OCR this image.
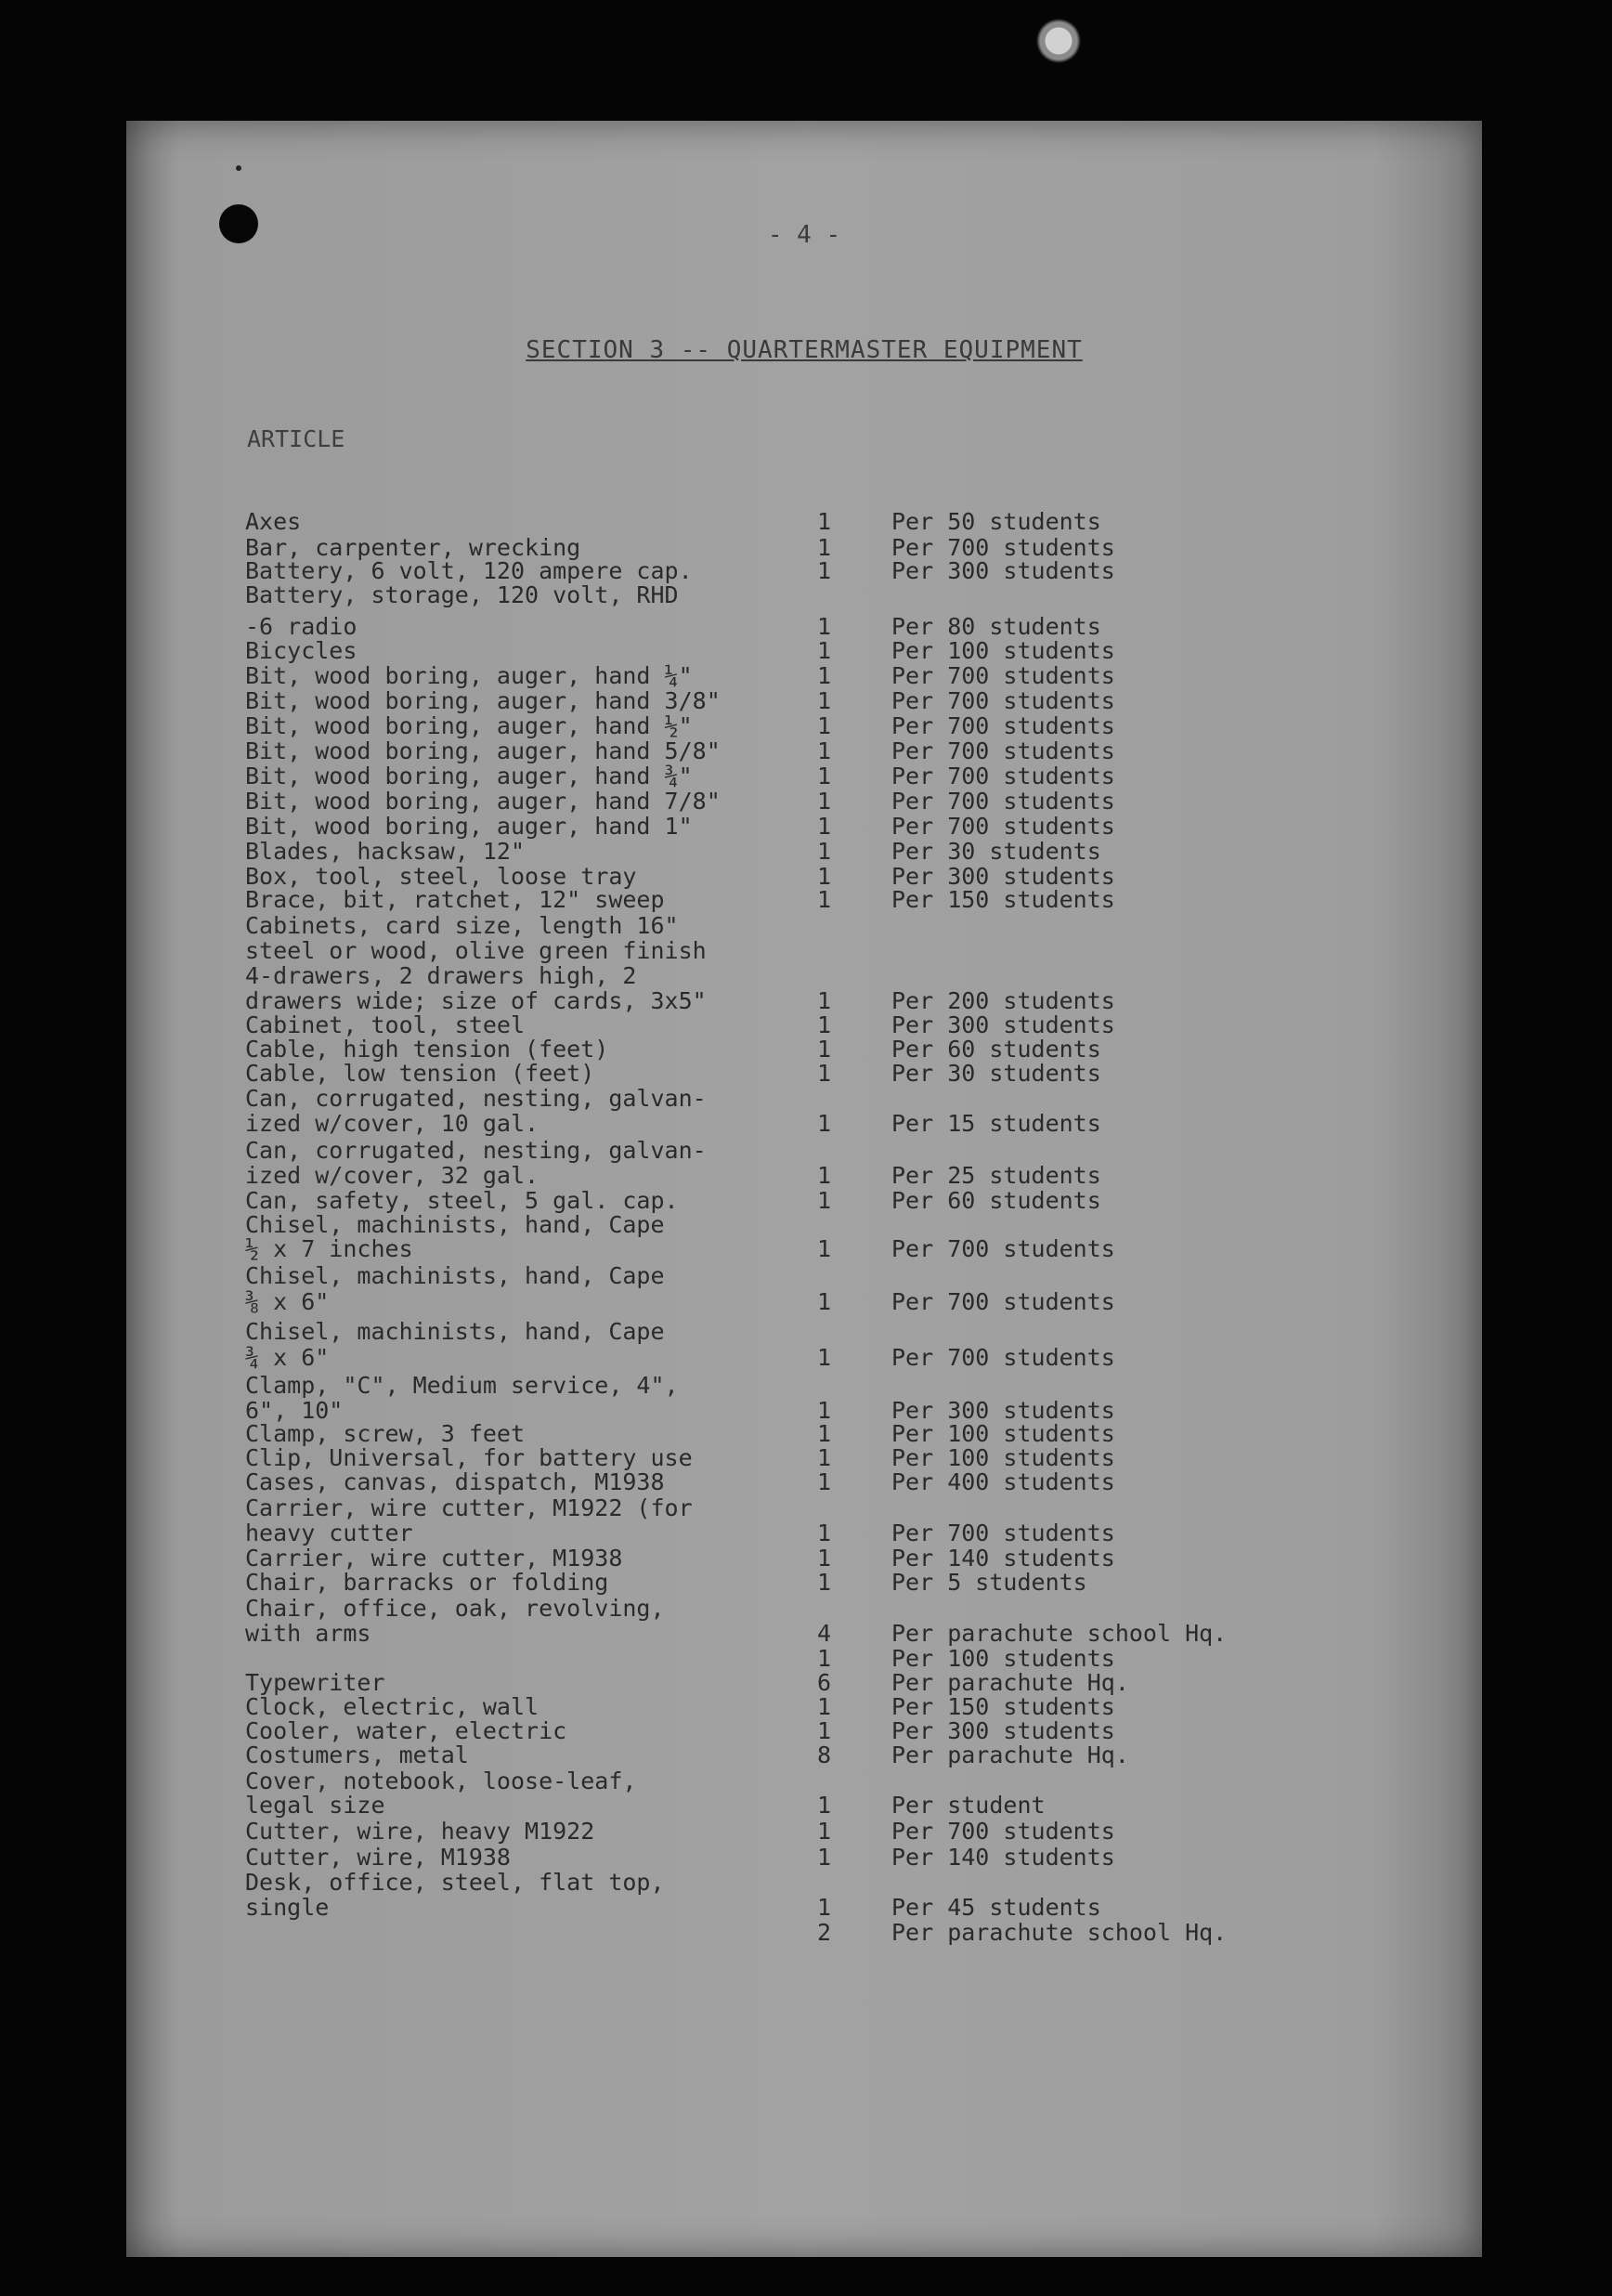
- 4 -
SECTION 3 -- QUARTERMASTER EQUIPMENT
ARTICLE
Axes	1	Per 50 students
Bar, carpenter, wrecking	1	Per 700 students
Battery, 6 volt, 120 ampere cap.	1	Per 300 students
Battery, storage, 120 volt, RHD
-6 radio	1	Per 80 students
Bicycles	1	Per 100 students
Bit, wood boring, auger, hand ¼"	1	Per 700 students
Bit, wood boring, auger, hand 3/8"	1	Per 700 students
Bit, wood boring, auger, hand ½"	1	Per 700 students
Bit, wood boring, auger, hand 5/8"	1	Per 700 students
Bit, wood boring, auger, hand ¾"	1	Per 700 students
Bit, wood boring, auger, hand 7/8"	1	Per 700 students
Bit, wood boring, auger, hand 1"	1	Per 700 students
Blades, hacksaw, 12"	1	Per 30 students
Box, tool, steel, loose tray	1	Per 300 students
Brace, bit, ratchet, 12" sweep	1	Per 150 students
Cabinets, card size, length 16"
steel or wood, olive green finish
4-drawers, 2 drawers high, 2
drawers wide; size of cards, 3x5"	1	Per 200 students
Cabinet, tool, steel	1	Per 300 students
Cable, high tension (feet)	1	Per 60 students
Cable, low tension (feet)	1	Per 30 students
Can, corrugated, nesting, galvan-
ized w/cover, 10 gal.	1	Per 15 students
Can, corrugated, nesting, galvan-
ized w/cover, 32 gal.	1	Per 25 students
Can, safety, steel, 5 gal. cap.	1	Per 60 students
Chisel, machinists, hand, Cape
½ x 7 inches	1	Per 700 students
Chisel, machinists, hand, Cape
⅜ x 6"	1	Per 700 students
Chisel, machinists, hand, Cape
¾ x 6"	1	Per 700 students
Clamp, "C", Medium service, 4",
6", 10"	1	Per 300 students
Clamp, screw, 3 feet	1	Per 100 students
Clip, Universal, for battery use	1	Per 100 students
Cases, canvas, dispatch, M1938	1	Per 400 students
Carrier, wire cutter, M1922 (for
heavy cutter	1	Per 700 students
Carrier, wire cutter, M1938	1	Per 140 students
Chair, barracks or folding	1	Per 5 students
Chair, office, oak, revolving,
with arms	4	Per parachute school Hq.
1	Per 100 students
Typewriter	6	Per parachute Hq.
Clock, electric, wall	1	Per 150 students
Cooler, water, electric	1	Per 300 students
Costumers, metal	8	Per parachute Hq.
Cover, notebook, loose-leaf,
legal size	1	Per student
Cutter, wire, heavy M1922	1	Per 700 students
Cutter, wire, M1938	1	Per 140 students
Desk, office, steel, flat top,
single	1	Per 45 students
2	Per parachute school Hq.
